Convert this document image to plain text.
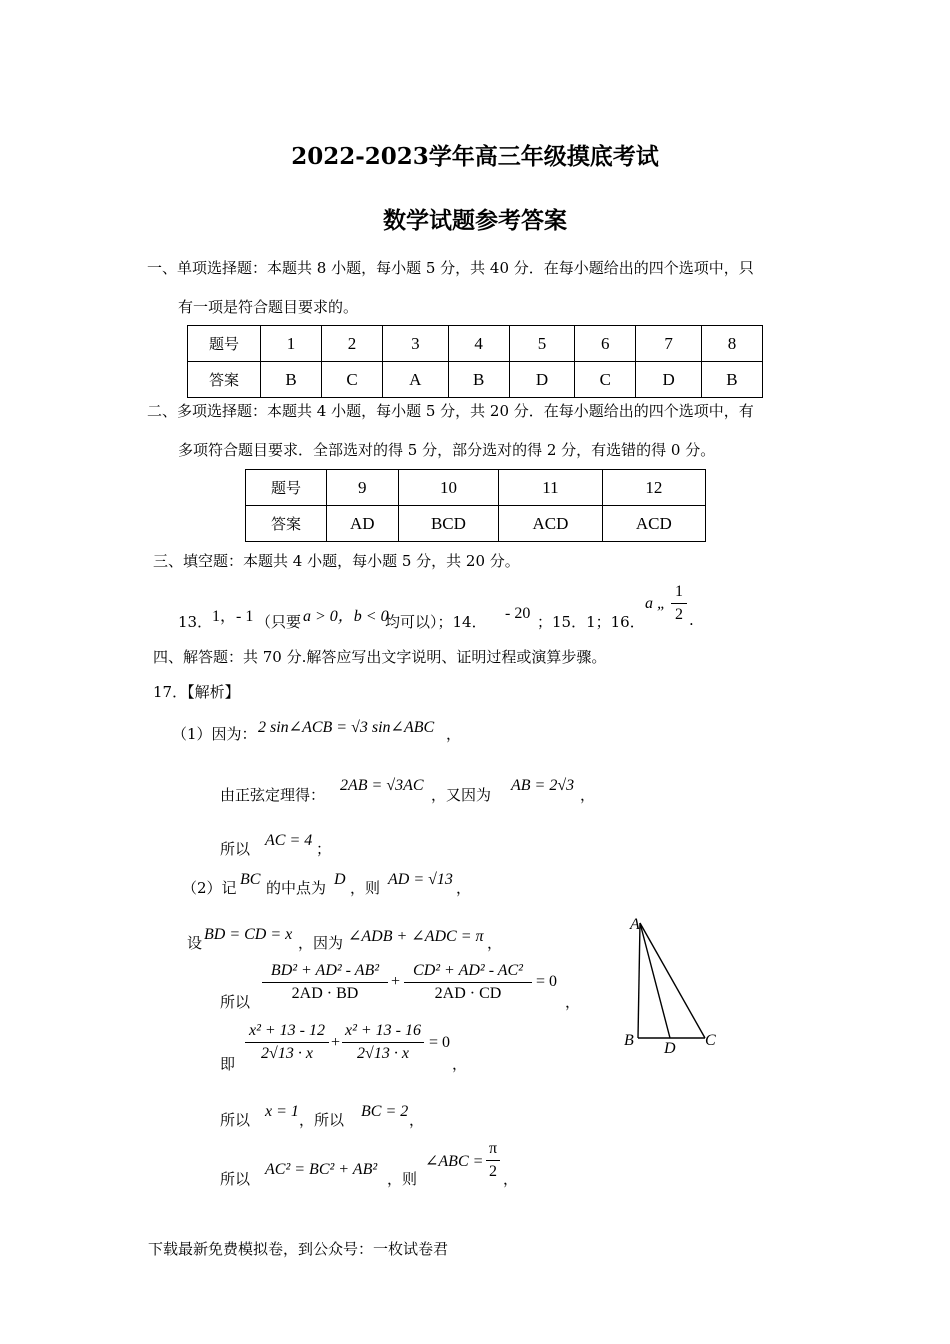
2022-2023学年高三年级摸底考试
数学试题参考答案
一、单项选择题：本题共 8 小题，每小题 5 分，共 40 分．在每小题给出的四个选项中，只
有一项是符合题目要求的。
题号	1	2	3	4	5	6	7	8
答案	B	C	A	B	D	C	D	B
二、多项选择题：本题共 4 小题，每小题 5 分，共 20 分．在每小题给出的四个选项中，有
多项符合题目要求．全部选对的得 5 分，部分选对的得 2 分，有选错的得 0 分。
题号	9	10	11	12
答案	AD	BCD	ACD	ACD
三、填空题：本题共 4 小题，每小题 5 分，共 20 分。
13． 1，- 1 （只要 a > 0，b < 0
均可以）；14． - 20 ；15．1；16．
a „
1
2 .
四、解答题：共 70 分.解答应写出文字说明、证明过程或演算步骤。
17．【解析】
（1）因为： 2 sin∠ACB = √3 sin∠ABC ，
由正弦定理得：
2AB = √3AC
，又因为
AB = 2√3
，
所以 AC = 4 ；
（2）记 BC 的中点为 D ，则 AD = √13 ，
设 BD = CD = x ，因为 ∠ADB + ∠ADC = π ，
所以
BD² + AD² - AB²
2AD · BD
+
CD² + AD² - AC²
2AD · CD
= 0
，
即
x² + 13 - 12
2√13 · x
+
x² + 13 - 16
2√13 · x
= 0
，
所以 x = 1 ，所以 BC = 2 ，
所以
AC² = BC² + AB²
，则
∠ABC =
π
2 ，
A
B	C
D
下载最新免费模拟卷，到公众号：一枚试卷君
